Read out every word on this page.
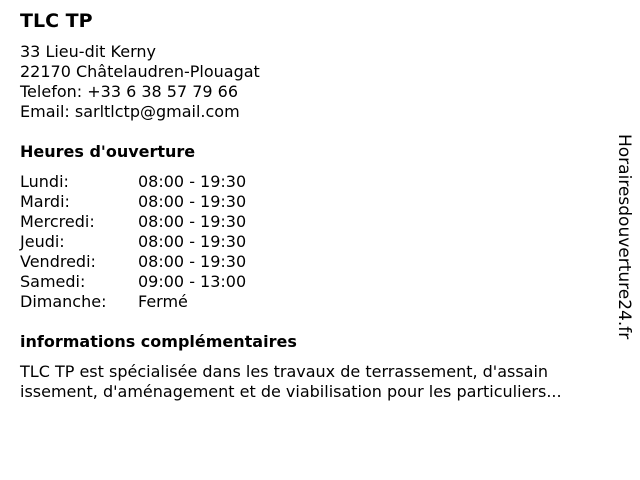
TLC TP
33 Lieu-dit Kerny
22170 Châtelaudren-Plouagat
Telefon: +33 6 38 57 79 66
Email: sarltlctp@gmail.com
Heures d'ouverture
Lundi:	08:00 - 19:30
Mardi:	08:00 - 19:30
Mercredi:	08:00 - 19:30
Jeudi:	08:00 - 19:30
Vendredi:	08:00 - 19:30
Samedi:	09:00 - 13:00
Dimanche:	Fermé
informations complémentaires
TLC TP est spécialisée dans les travaux de terrassement, d'assain
issement, d'aménagement et de viabilisation pour les particuliers...
Horairesdouverture24.fr
